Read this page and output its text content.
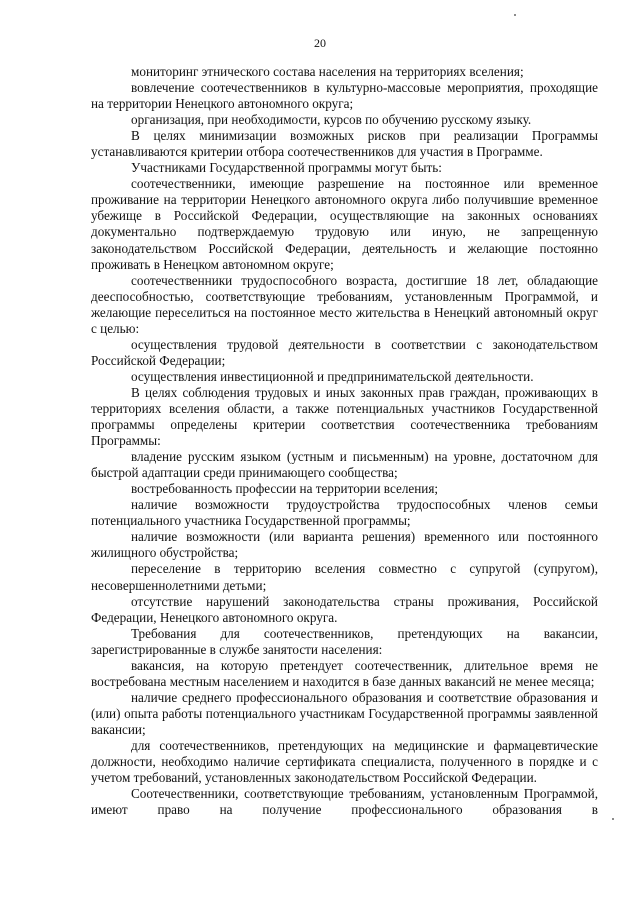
20

мониторинг этнического состава населения на территориях вселения;

вовлечение соотечественников в культурно-массовые мероприятия, проходящие на территории Ненецкого автономного округа;

организация, при необходимости, курсов по обучению русскому языку.

В целях минимизации возможных рисков при реализации Программы устанавливаются критерии отбора соотечественников для участия в Программе.

Участниками Государственной программы могут быть:

соотечественники, имеющие разрешение на постоянное или временное проживание на территории Ненецкого автономного округа либо получившие временное убежище в Российской Федерации, осуществляющие на законных основаниях документально подтверждаемую трудовую или иную, не запрещенную законодательством Российской Федерации, деятельность и желающие постоянно проживать в Ненецком автономном округе;

соотечественники трудоспособного возраста, достигшие 18 лет, обладающие дееспособностью, соответствующие требованиям, установленным Программой, и желающие переселиться на постоянное место жительства в Ненецкий автономный округ с целью:

осуществления трудовой деятельности в соответствии с законодательством Российской Федерации;

осуществления инвестиционной и предпринимательской деятельности.

В целях соблюдения трудовых и иных законных прав граждан, проживающих в территориях вселения области, а также потенциальных участников Государственной программы определены критерии соответствия соотечественника требованиям Программы:

владение русским языком (устным и письменным) на уровне, достаточном для быстрой адаптации среди принимающего сообщества;

востребованность профессии на территории вселения;

наличие возможности трудоустройства трудоспособных членов семьи потенциального участника Государственной программы;

наличие возможности (или варианта решения) временного или постоянного жилищного обустройства;

переселение в территорию вселения совместно с супругой (супругом), несовершеннолетними детьми;

отсутствие нарушений законодательства страны проживания, Российской Федерации, Ненецкого автономного округа.

Требования для соотечественников, претендующих на вакансии, зарегистрированные в службе занятости населения:

вакансия, на которую претендует соотечественник, длительное время не востребована местным населением и находится в базе данных вакансий не менее месяца;

наличие среднего профессионального образования и соответствие образования и (или) опыта работы потенциального участникам Государственной программы заявленной вакансии;

для соотечественников, претендующих на медицинские и фармацевтические должности, необходимо наличие сертификата специалиста, полученного в порядке и с учетом требований, установленных законодательством Российской Федерации.

Соотечественники, соответствующие требованиям, установленным Программой, имеют право на получение профессионального образования в
